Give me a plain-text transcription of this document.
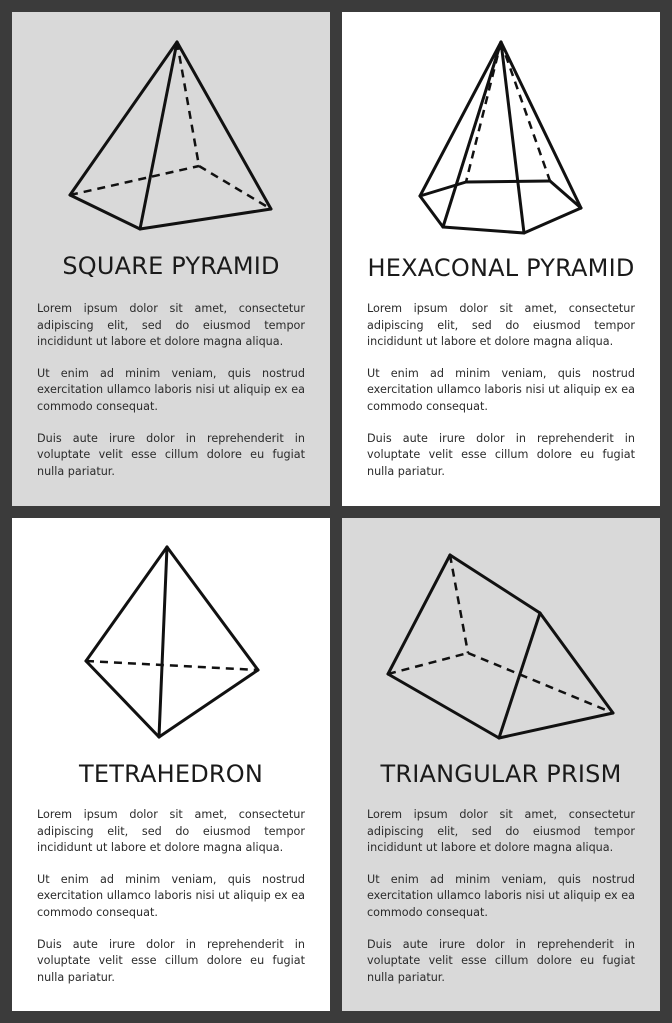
SQUARE PYRAMID

Lorem ipsum dolor sit amet, consectetur adipiscing elit, sed do eiusmod tempor incididunt ut labore et dolore magna aliqua.

Ut enim ad minim veniam, quis nostrud exercitation ullamco laboris nisi ut aliquip ex ea commodo consequat.

Duis aute irure dolor in reprehenderit in voluptate velit esse cillum dolore eu fugiat nulla pariatur.

HEXACONAL PYRAMID

Lorem ipsum dolor sit amet, consectetur adipiscing elit, sed do eiusmod tempor incididunt ut labore et dolore magna aliqua.

Ut enim ad minim veniam, quis nostrud exercitation ullamco laboris nisi ut aliquip ex ea commodo consequat.

Duis aute irure dolor in reprehenderit in voluptate velit esse cillum dolore eu fugiat nulla pariatur.

TETRAHEDRON

Lorem ipsum dolor sit amet, consectetur adipiscing elit, sed do eiusmod tempor incididunt ut labore et dolore magna aliqua.

Ut enim ad minim veniam, quis nostrud exercitation ullamco laboris nisi ut aliquip ex ea commodo consequat.

Duis aute irure dolor in reprehenderit in voluptate velit esse cillum dolore eu fugiat nulla pariatur.

TRIANGULAR PRISM

Lorem ipsum dolor sit amet, consectetur adipiscing elit, sed do eiusmod tempor incididunt ut labore et dolore magna aliqua.

Ut enim ad minim veniam, quis nostrud exercitation ullamco laboris nisi ut aliquip ex ea commodo consequat.

Duis aute irure dolor in reprehenderit in voluptate velit esse cillum dolore eu fugiat nulla pariatur.
